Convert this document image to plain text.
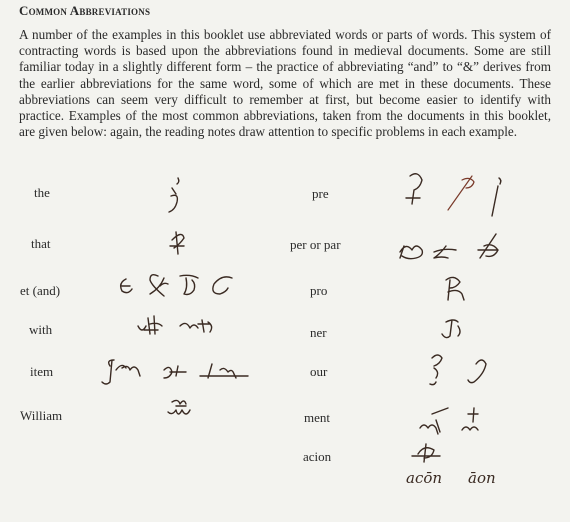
Common Abbreviations
A number of the examples in this booklet use abbreviated words or parts of words. This system of contracting words is based upon the abbreviations found in medieval documents. Some are still familiar today in a slightly different form – the practice of abbreviating “and” to “&” derives from the earlier abbreviations for the same word, some of which are met in these documents. These abbreviations can seem very difficult to remember at first, but become easier to identify with practice. Examples of the most common abbreviations, taken from the documents in this booklet, are given below: again, the reading notes draw attention to specific problems in each example.
the
that
et (and)
with
item
William
pre
per or par
pro
ner
our
ment
acion
acōn āon
